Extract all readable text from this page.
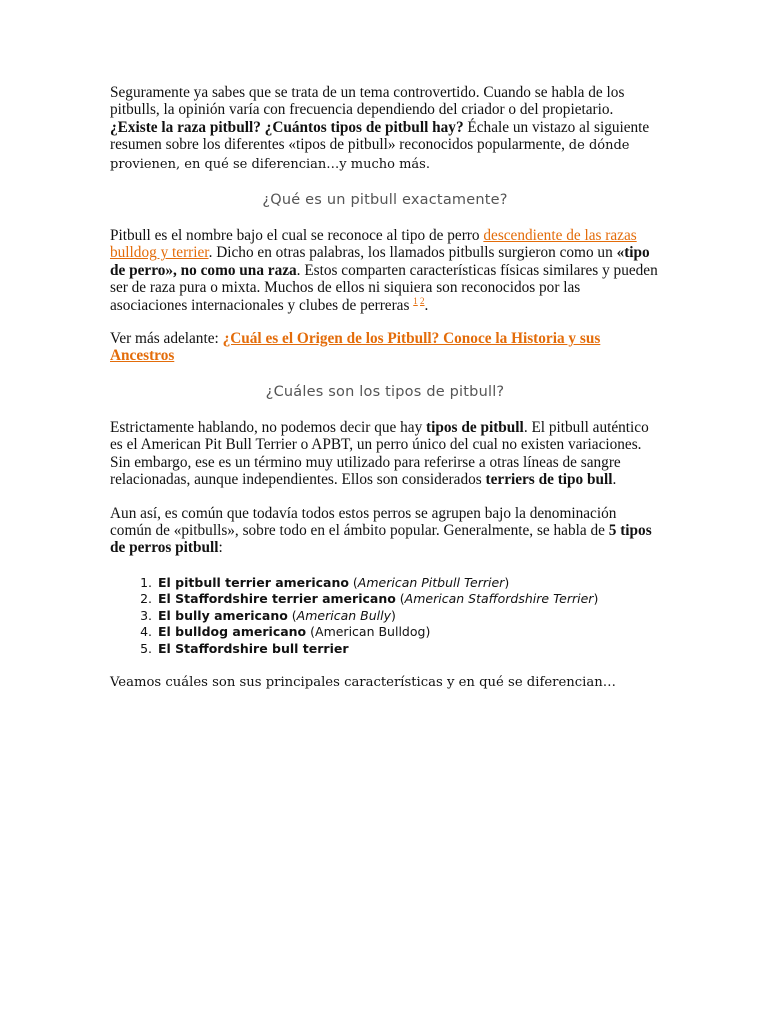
Seguramente ya sabes que se trata de un tema controvertido. Cuando se habla de los pitbulls, la opinión varía con frecuencia dependiendo del criador o del propietario. ¿Existe la raza pitbull? ¿Cuántos tipos de pitbull hay? Échale un vistazo al siguiente resumen sobre los diferentes «tipos de pitbull» reconocidos popularmente, de dónde provienen, en qué se diferencian…y mucho más.

¿Qué es un pitbull exactamente?

Pitbull es el nombre bajo el cual se reconoce al tipo de perro descendiente de las razas bulldog y terrier. Dicho en otras palabras, los llamados pitbulls surgieron como un «tipo de perro», no como una raza. Estos comparten características físicas similares y pueden ser de raza pura o mixta. Muchos de ellos ni siquiera son reconocidos por las asociaciones internacionales y clubes de perreras $^{1 2}$.

Ver más adelante: ¿Cuál es el Origen de los Pitbull? Conoce la Historia y sus Ancestros

¿Cuáles son los tipos de pitbull?

Estrictamente hablando, no podemos decir que hay tipos de pitbull. El pitbull auténtico es el American Pit Bull Terrier o APBT, un perro único del cual no existen variaciones. Sin embargo, ese es un término muy utilizado para referirse a otras líneas de sangre relacionadas, aunque independientes. Ellos son considerados terriers de tipo bull.

Aun así, es común que todavía todos estos perros se agrupen bajo la denominación común de «pitbulls», sobre todo en el ámbito popular. Generalmente, se habla de 5 tipos de perros pitbull:

1. El pitbull terrier americano (American Pitbull Terrier)
2. El Staffordshire terrier americano (American Staffordshire Terrier)
3. El bully americano (American Bully)
4. El bulldog americano (American Bulldog)
5. El Staffordshire bull terrier

Veamos cuáles son sus principales características y en qué se diferencian…
